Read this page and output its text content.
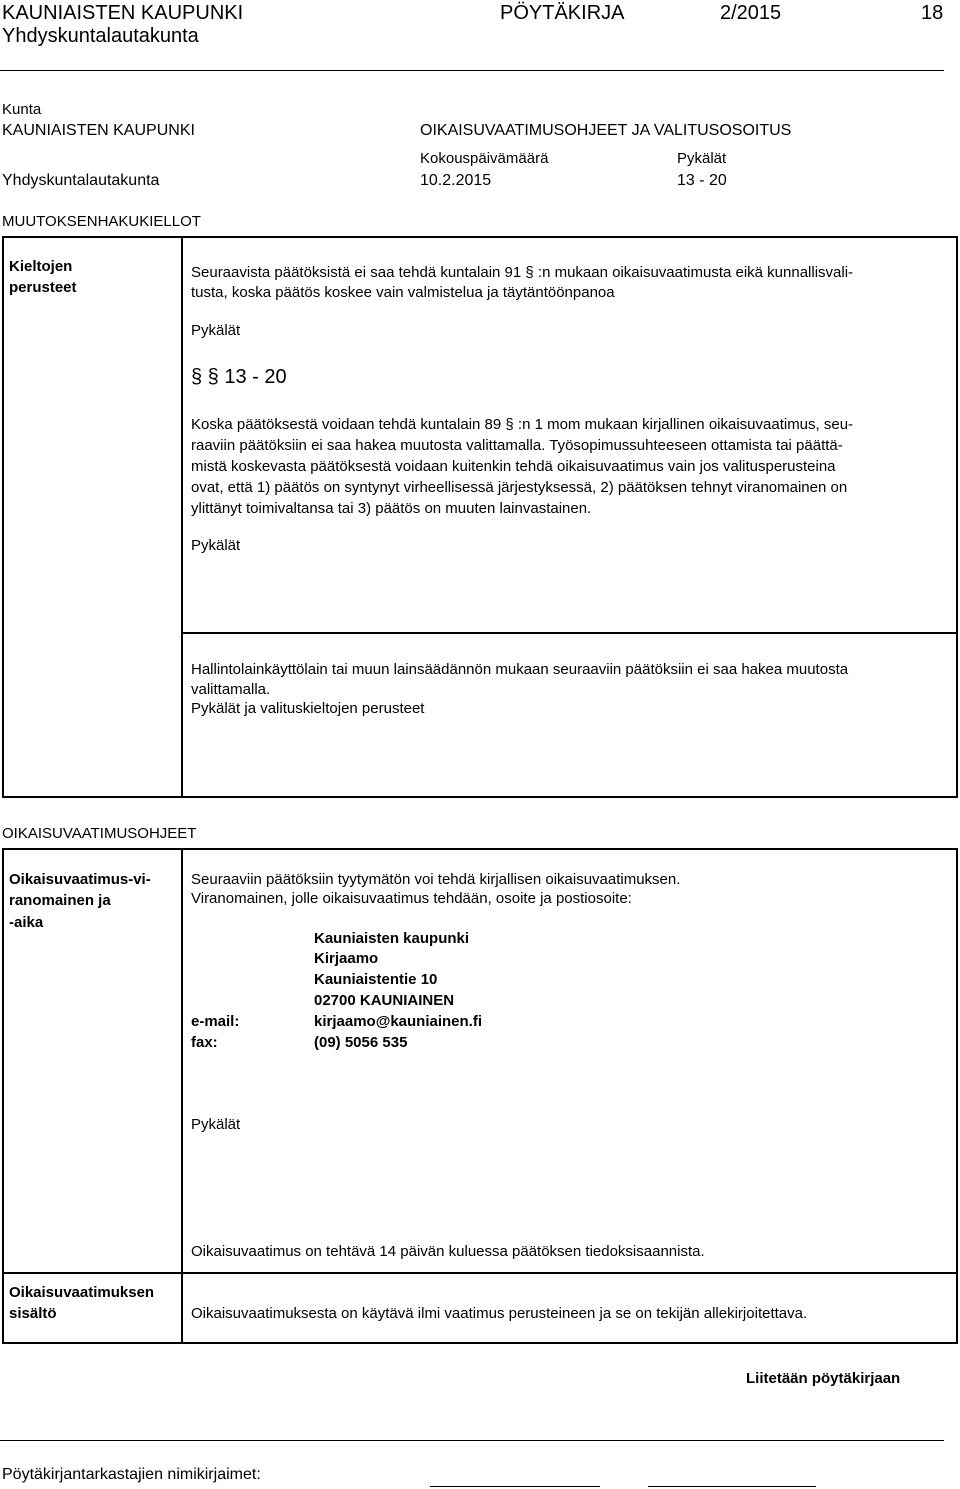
KAUNIAISTEN KAUPUNKI	PÖYTÄKIRJA	2/2015	18
Yhdyskuntalautakunta
Kunta
KAUNIAISTEN KAUPUNKI	OIKAISUVAATIMUSOHJEET JA VALITUSOSOITUS
Kokouspäivämäärä	Pykälät
Yhdyskuntalautakunta	10.2.2015	13 - 20
MUUTOKSENHAKUKIELLOT
Kieltojen
perusteet
Seuraavista päätöksistä ei saa tehdä kuntalain 91 § :n mukaan oikaisuvaatimusta eikä kunnallisvali-
tusta, koska päätös koskee vain valmistelua ja täytäntöönpanoa
Pykälät
§ § 13 - 20
Koska päätöksestä voidaan tehdä kuntalain 89 § :n 1 mom mukaan kirjallinen oikaisuvaatimus, seu-
raaviin päätöksiin ei saa hakea muutosta valittamalla. Työsopimussuhteeseen ottamista tai päättä-
mistä koskevasta päätöksestä voidaan kuitenkin tehdä oikaisuvaatimus vain jos valitusperusteina
ovat, että 1) päätös on syntynyt virheellisessä järjestyksessä, 2) päätöksen tehnyt viranomainen on
ylittänyt toimivaltansa tai 3) päätös on muuten lainvastainen.
Pykälät
Hallintolainkäyttölain tai muun lainsäädännön mukaan seuraaviin päätöksiin ei saa hakea muutosta
valittamalla.
Pykälät ja valituskieltojen perusteet
OIKAISUVAATIMUSOHJEET
Oikaisuvaatimus-vi-
ranomainen ja
-aika
Seuraaviin päätöksiin tyytymätön voi tehdä kirjallisen oikaisuvaatimuksen.
Viranomainen, jolle oikaisuvaatimus tehdään, osoite ja postiosoite:
Kauniaisten kaupunki
Kirjaamo
Kauniaistentie 10
02700 KAUNIAINEN
e-mail:	kirjaamo@kauniainen.fi
fax:	(09) 5056 535
Pykälät
Oikaisuvaatimus on tehtävä 14 päivän kuluessa päätöksen tiedoksisaannista.
Oikaisuvaatimuksen
sisältö	Oikaisuvaatimuksesta on käytävä ilmi vaatimus perusteineen ja se on tekijän allekirjoitettava.
Liitetään pöytäkirjaan
Pöytäkirjantarkastajien nimikirjaimet:
